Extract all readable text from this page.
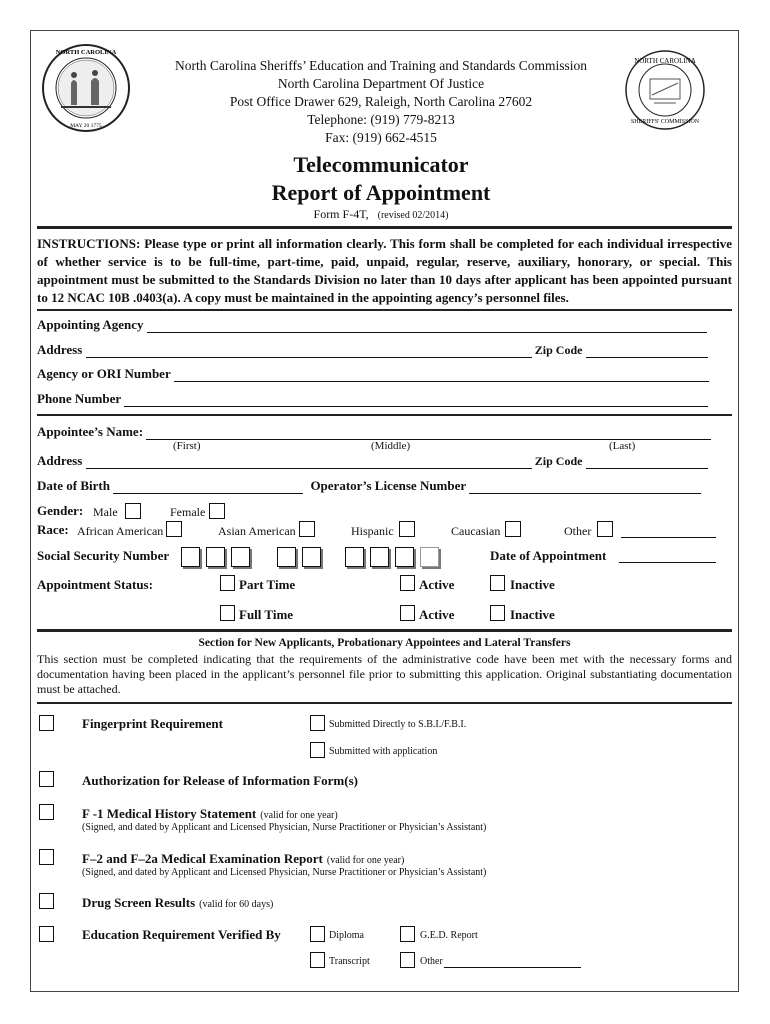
NORTH CAROLINA
MAY 20 1775
NORTH CAROLINA
SHERIFFS' COMMISSION
North Carolina Sheriffs’ Education and Training and Standards Commission
North Carolina Department Of Justice
Post Office Drawer 629, Raleigh, North Carolina 27602
Telephone: (919) 779-8213
Fax: (919) 662-4515
Telecommunicator
Report of Appointment
Form F-4T, (revised 02/2014)
INSTRUCTIONS: Please type or print all information clearly. This form shall be completed for each individual irrespective of whether service is to be full-time, part-time, paid, unpaid, regular, reserve, auxiliary, honorary, or special. This appointment must be submitted to the Standards Division no later than 10 days after applicant has been appointed pursuant to 12 NCAC 10B .0403(a). A copy must be maintained in the appointing agency’s personnel files.
Appointing Agency
Address	Zip Code
Agency or ORI Number
Phone Number
Appointee’s Name:
(First)	(Middle)	(Last)
Address	Zip Code
Date of Birth	Operator’s License Number
Gender: Male	Female
Race: African American	Asian American	Hispanic	Caucasian	Other
Social Security Number	Date of Appointment
Appointment Status:	Part Time	Active	Inactive
Full Time	Active	Inactive
Section for New Applicants, Probationary Appointees and Lateral Transfers
This section must be completed indicating that the requirements of the administrative code have been met with the necessary forms and documentation having been placed in the applicant’s personnel file prior to submitting this application. Original substantiating documentation must be attached.
Fingerprint Requirement	Submitted Directly to S.B.I./F.B.I.
Submitted with application
Authorization for Release of Information Form(s)
F -1 Medical History Statement (valid for one year)
(Signed, and dated by Applicant and Licensed Physician, Nurse Practitioner or Physician’s Assistant)
F–2 and F–2a Medical Examination Report (valid for one year)
(Signed, and dated by Applicant and Licensed Physician, Nurse Practitioner or Physician’s Assistant)
Drug Screen Results (valid for 60 days)
Education Requirement Verified By	Diploma	G.E.D. Report
Transcript	Other
